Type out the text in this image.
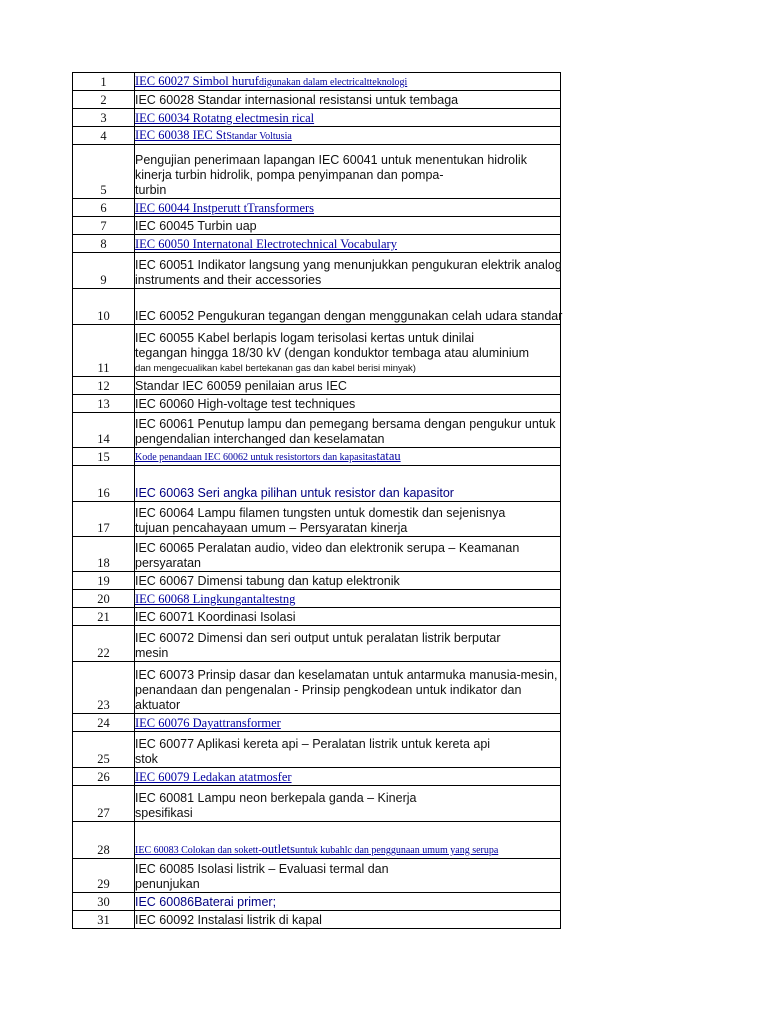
1	IEC 60027 Simbol hurufdigunakan dalam electricaltteknologi
2	IEC 60028 Standar internasional resistansi untuk tembaga
3	IEC 60034 Rotatng electmesin rical
4	IEC 60038 IEC StStandar Voltusia
5	Pengujian penerimaan lapangan IEC 60041 untuk menentukan hidrolik
kinerja turbin hidrolik, pompa penyimpanan dan pompa-
turbin

6	IEC 60044 Instperutt tTransformers
7	IEC 60045 Turbin uap
8	IEC 60050 Internatonal Electrotechnical Vocabulary
9	IEC 60051 Indikator langsung yang menunjukkan pengukuran elektrik analog
instruments and their accessories

10	IEC 60052 Pengukuran tegangan dengan menggunakan celah udara standar
11	IEC 60055 Kabel berlapis logam terisolasi kertas untuk dinilai
tegangan hingga 18/30 kV (dengan konduktor tembaga atau aluminium
dan mengecualikan kabel bertekanan gas dan kabel berisi minyak)

12	Standar IEC 60059 penilaian arus IEC
13	IEC 60060 High-voltage test techniques
14	IEC 60061 Penutup lampu dan pemegang bersama dengan pengukur untuk
pengendalian interchanged dan keselamatan

15	Kode penandaan IEC 60062 untuk resistortors dan kapasitastatau
16	IEC 60063 Seri angka pilihan untuk resistor dan kapasitor
17	IEC 60064 Lampu filamen tungsten untuk domestik dan sejenisnya
tujuan pencahayaan umum – Persyaratan kinerja

18	IEC 60065 Peralatan audio, video dan elektronik serupa – Keamanan
persyaratan

19	IEC 60067 Dimensi tabung dan katup elektronik
20	IEC 60068 Lingkungantaltestng
21	IEC 60071 Koordinasi Isolasi
22	IEC 60072 Dimensi dan seri output untuk peralatan listrik berputar
mesin

23	IEC 60073 Prinsip dasar dan keselamatan untuk antarmuka manusia-mesin,
penandaan dan pengenalan - Prinsip pengkodean untuk indikator dan
aktuator

24	IEC 60076 Dayattransformer
25	IEC 60077 Aplikasi kereta api – Peralatan listrik untuk kereta api
stok

26	IEC 60079 Ledakan atatmosfer
27	IEC 60081 Lampu neon berkepala ganda – Kinerja
spesifikasi

28	IEC 60083 Colokan dan sokett-outletsuntuk kubahlc dan penggunaan umum yang serupa
29	IEC 60085 Isolasi listrik – Evaluasi termal dan
penunjukan

30	IEC 60086Baterai primer;
31	IEC 60092 Instalasi listrik di kapal
